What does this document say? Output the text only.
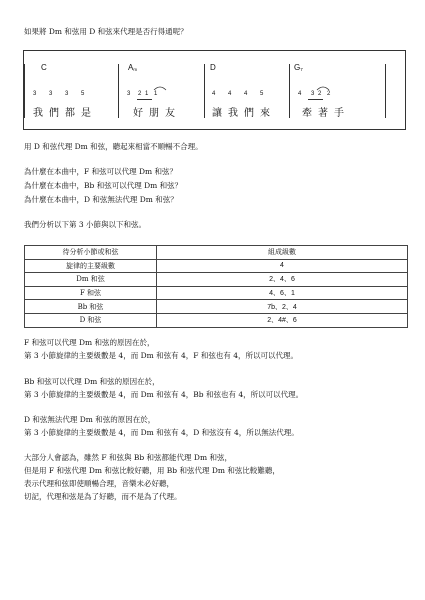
如果將 Dm 和弦用 D 和弦來代理是否行得通呢？
C	$A_m$	D	$G_7$
3 3 3 5	3 2 1 1	4 4 4 5	4 3 2 2
我 們 都 是	好 朋 友	讓 我 們 來	牽 著 手
用 D 和弦代理 Dm 和弦，聽起來相當不順暢不合理。
為什麼在本曲中，F 和弦可以代理 Dm 和弦？
為什麼在本曲中，Bb 和弦可以代理 Dm 和弦？
為什麼在本曲中，D 和弦無法代理 Dm 和弦？
我們分析以下第 3 小節與以下和弦。
待分析小節或和弦	組成級數
旋律的主要級數	4
Dm 和弦	2、4、6
F 和弦	4、6、1
Bb 和弦	7b、2、4
D 和弦	2、4#、6
F 和弦可以代理 Dm 和弦的原因在於，
第 3 小節旋律的主要級數是 4，而 Dm 和弦有 4，F 和弦也有 4，所以可以代理。
Bb 和弦可以代理 Dm 和弦的原因在於，
第 3 小節旋律的主要級數是 4，而 Dm 和弦有 4，Bb 和弦也有 4，所以可以代理。
D 和弦無法代理 Dm 和弦的原因在於，
第 3 小節旋律的主要級數是 4，而 Dm 和弦有 4，D 和弦沒有 4，所以無法代理。
大部分人會認為，雖然 F 和弦與 Bb 和弦都能代理 Dm 和弦，
但是用 F 和弦代理 Dm 和弦比較好聽，用 Bb 和弦代理 Dm 和弦比較難聽，
表示代理和弦即使順暢合理，音樂未必好聽，
切記，代理和弦是為了好聽，而不是為了代理。
